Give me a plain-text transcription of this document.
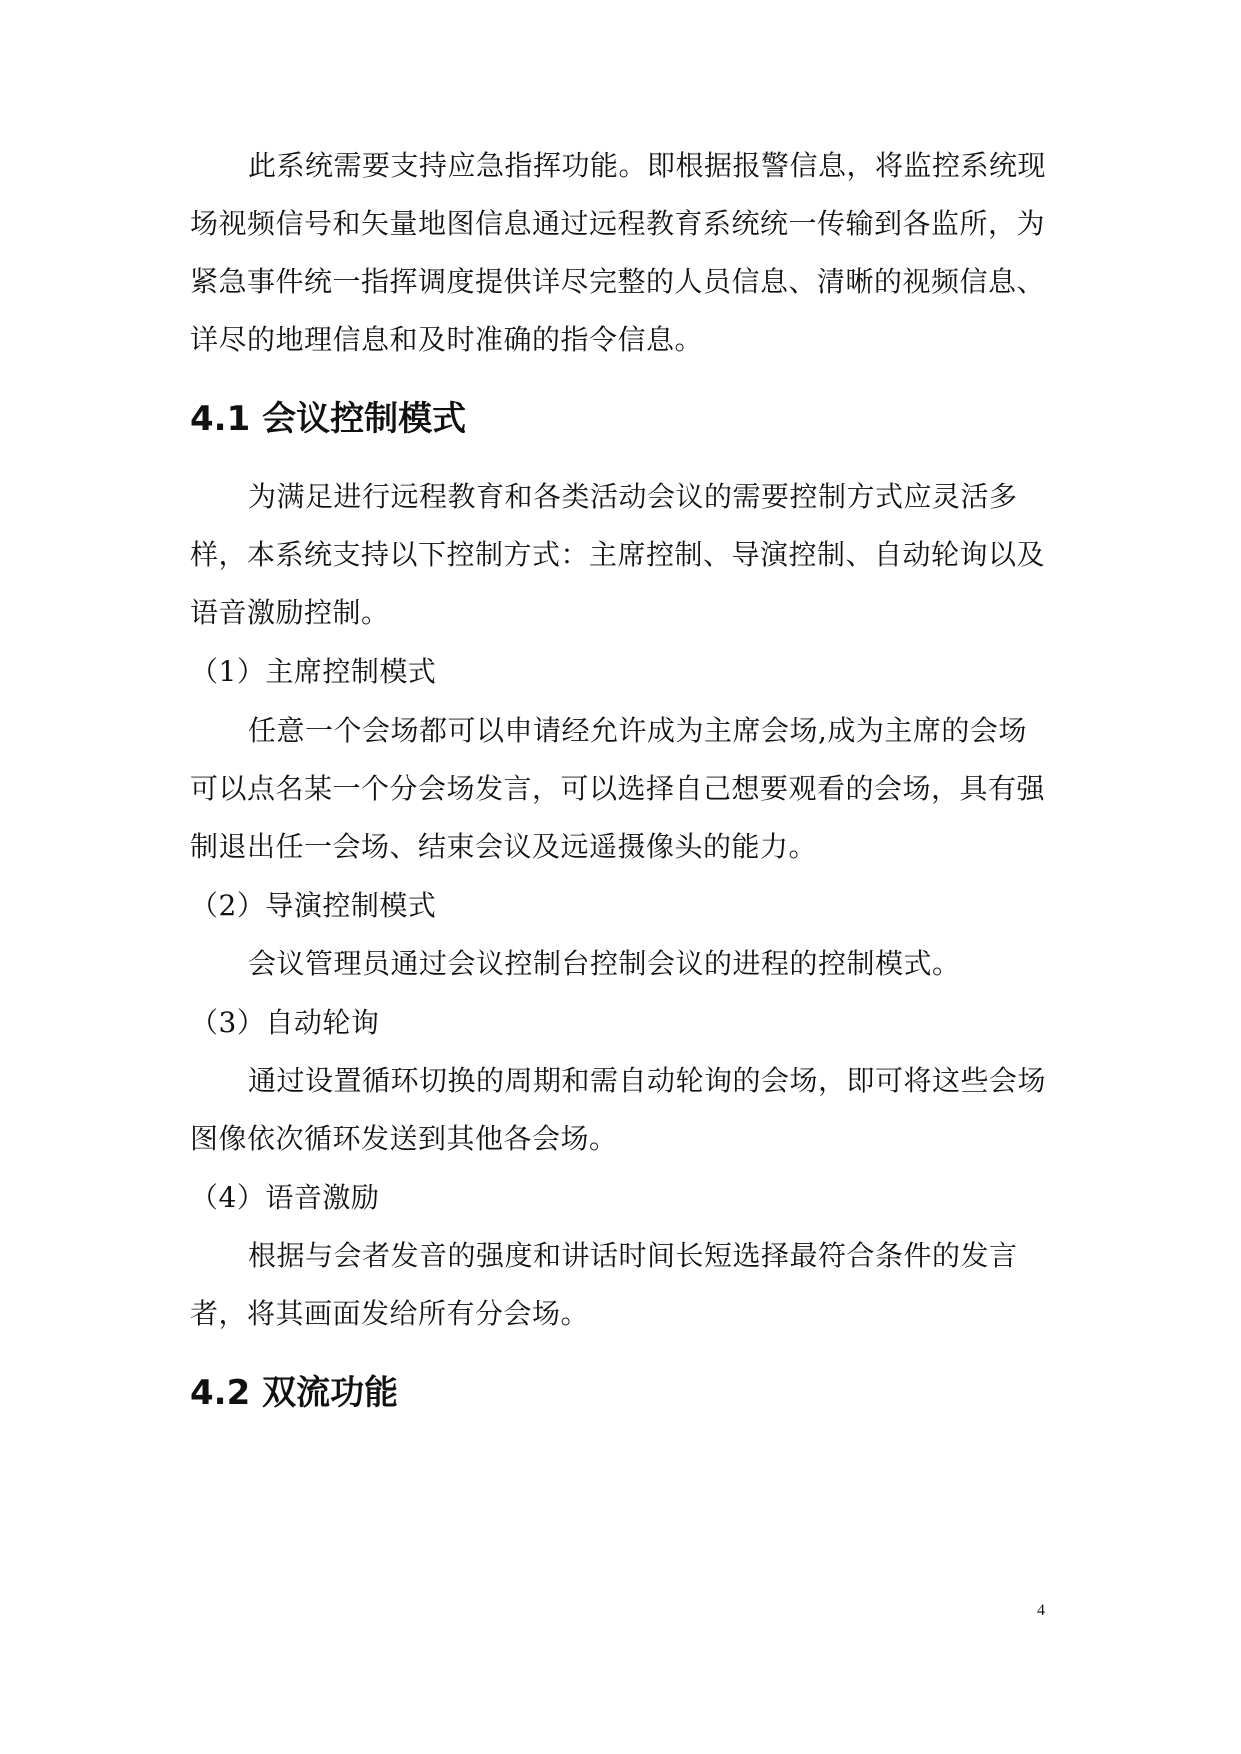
此系统需要支持应急指挥功能。即根据报警信息，将监控系统现
场视频信号和矢量地图信息通过远程教育系统统一传输到各监所，为
紧急事件统一指挥调度提供详尽完整的人员信息、清晰的视频信息、
详尽的地理信息和及时准确的指令信息。
4.1 会议控制模式
为满足进行远程教育和各类活动会议的需要控制方式应灵活多
样，本系统支持以下控制方式：主席控制、导演控制、自动轮询以及
语音激励控制。
（1）主席控制模式
任意一个会场都可以申请经允许成为主席会场,成为主席的会场
可以点名某一个分会场发言，可以选择自己想要观看的会场，具有强
制退出任一会场、结束会议及远遥摄像头的能力。
（2）导演控制模式
会议管理员通过会议控制台控制会议的进程的控制模式。
（3）自动轮询
通过设置循环切换的周期和需自动轮询的会场，即可将这些会场
图像依次循环发送到其他各会场。
（4）语音激励
根据与会者发音的强度和讲话时间长短选择最符合条件的发言
者，将其画面发给所有分会场。
4.2 双流功能
4
